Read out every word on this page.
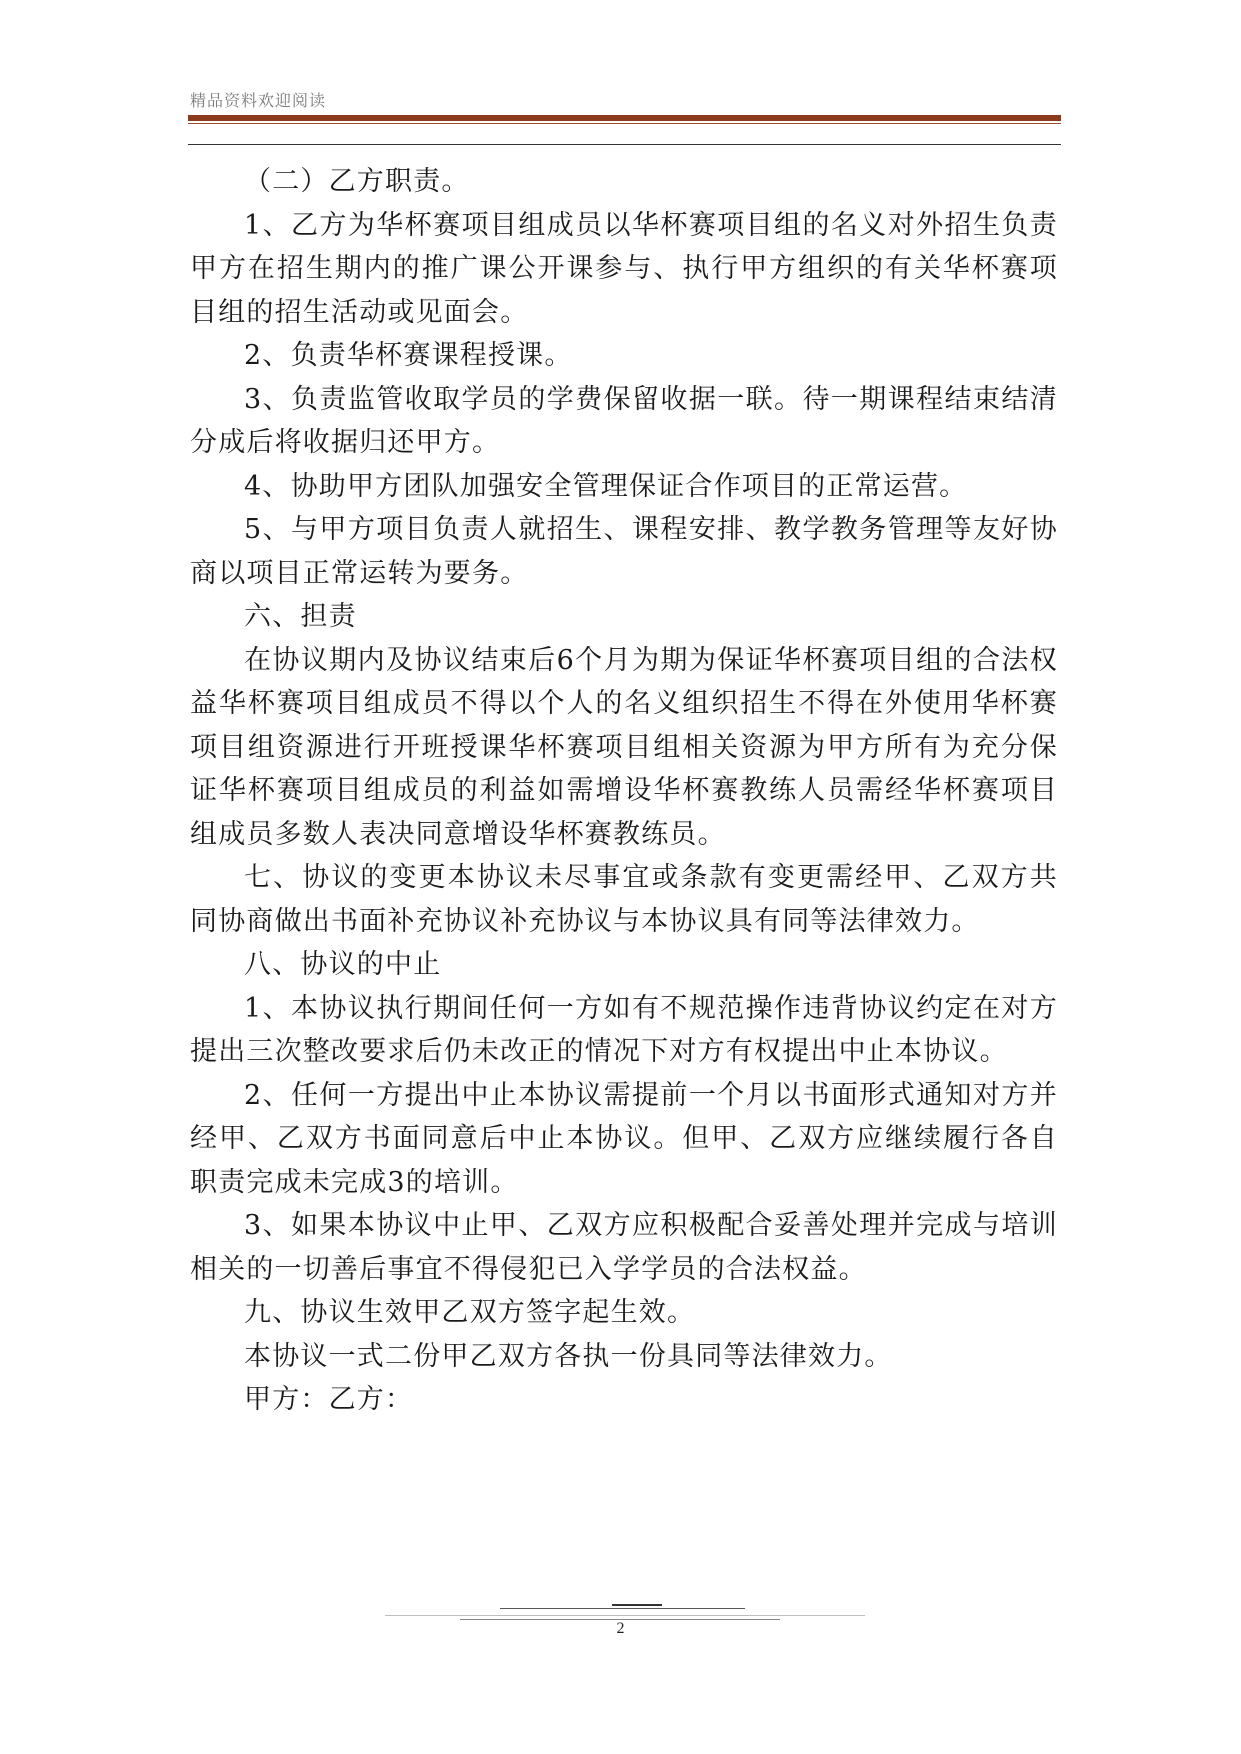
精品资料欢迎阅读

（二）乙方职责。

1、乙方为华杯赛项目组成员以华杯赛项目组的名义对外招生负责甲方在招生期内的推广课公开课参与、执行甲方组织的有关华杯赛项目组的招生活动或见面会。

2、负责华杯赛课程授课。

3、负责监管收取学员的学费保留收据一联。待一期课程结束结清分成后将收据归还甲方。

4、协助甲方团队加强安全管理保证合作项目的正常运营。

5、与甲方项目负责人就招生、课程安排、教学教务管理等友好协商以项目正常运转为要务。

六、担责

在协议期内及协议结束后6个月为期为保证华杯赛项目组的合法权益华杯赛项目组成员不得以个人的名义组织招生不得在外使用华杯赛项目组资源进行开班授课华杯赛项目组相关资源为甲方所有为充分保证华杯赛项目组成员的利益如需增设华杯赛教练人员需经华杯赛项目组成员多数人表决同意增设华杯赛教练员。

七、协议的变更本协议未尽事宜或条款有变更需经甲、乙双方共同协商做出书面补充协议补充协议与本协议具有同等法律效力。

八、协议的中止

1、本协议执行期间任何一方如有不规范操作违背协议约定在对方提出三次整改要求后仍未改正的情况下对方有权提出中止本协议。

2、任何一方提出中止本协议需提前一个月以书面形式通知对方并经甲、乙双方书面同意后中止本协议。但甲、乙双方应继续履行各自职责完成未完成3的培训。

3、如果本协议中止甲、乙双方应积极配合妥善处理并完成与培训相关的一切善后事宜不得侵犯已入学学员的合法权益。

九、协议生效甲乙双方签字起生效。

本协议一式二份甲乙双方各执一份具同等法律效力。

甲方：乙方：

2
